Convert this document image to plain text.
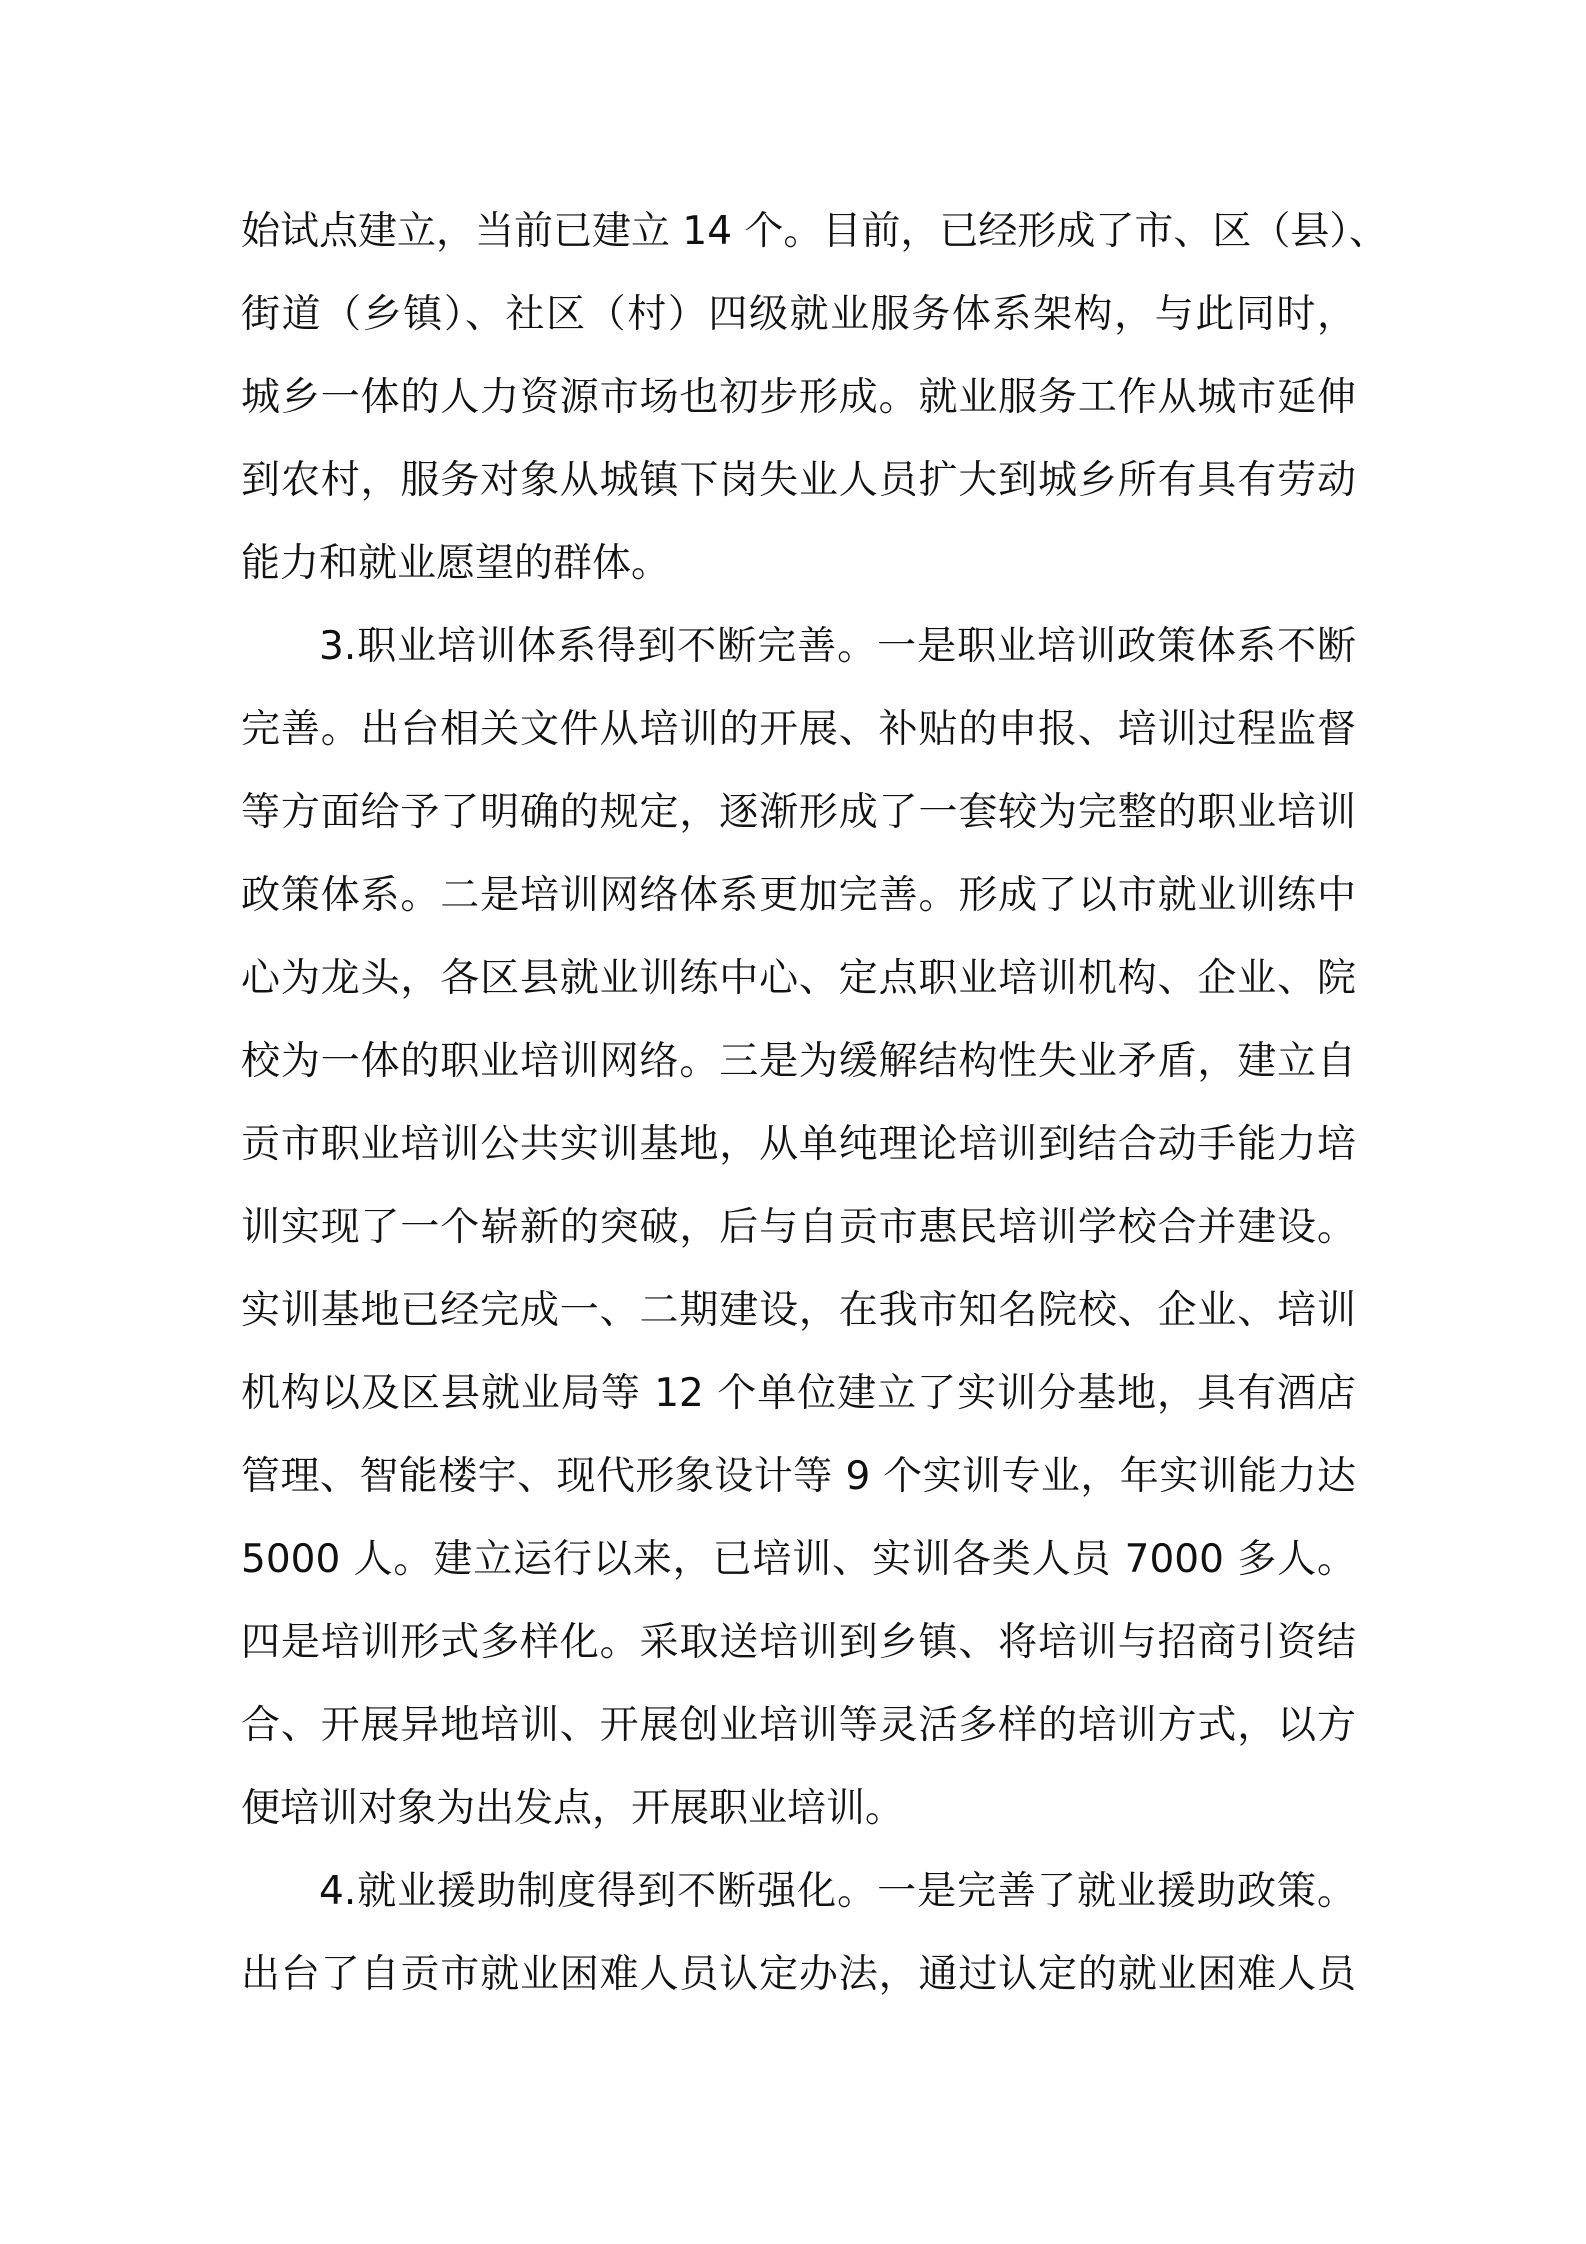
始试点建立，当前已建立 14 个。目前，已经形成了市、区（县）、
街道（乡镇）、社区（村）四级就业服务体系架构，与此同时，
城乡一体的人力资源市场也初步形成。就业服务工作从城市延伸
到农村，服务对象从城镇下岗失业人员扩大到城乡所有具有劳动
能力和就业愿望的群体。
3.职业培训体系得到不断完善。一是职业培训政策体系不断
完善。出台相关文件从培训的开展、补贴的申报、培训过程监督
等方面给予了明确的规定，逐渐形成了一套较为完整的职业培训
政策体系。二是培训网络体系更加完善。形成了以市就业训练中
心为龙头，各区县就业训练中心、定点职业培训机构、企业、院
校为一体的职业培训网络。三是为缓解结构性失业矛盾，建立自
贡市职业培训公共实训基地，从单纯理论培训到结合动手能力培
训实现了一个崭新的突破，后与自贡市惠民培训学校合并建设。
实训基地已经完成一、二期建设，在我市知名院校、企业、培训
机构以及区县就业局等 12 个单位建立了实训分基地，具有酒店
管理、智能楼宇、现代形象设计等 9 个实训专业，年实训能力达
5000 人。建立运行以来，已培训、实训各类人员 7000 多人。
四是培训形式多样化。采取送培训到乡镇、将培训与招商引资结
合、开展异地培训、开展创业培训等灵活多样的培训方式，以方
便培训对象为出发点，开展职业培训。
4.就业援助制度得到不断强化。一是完善了就业援助政策。
出台了自贡市就业困难人员认定办法，通过认定的就业困难人员
